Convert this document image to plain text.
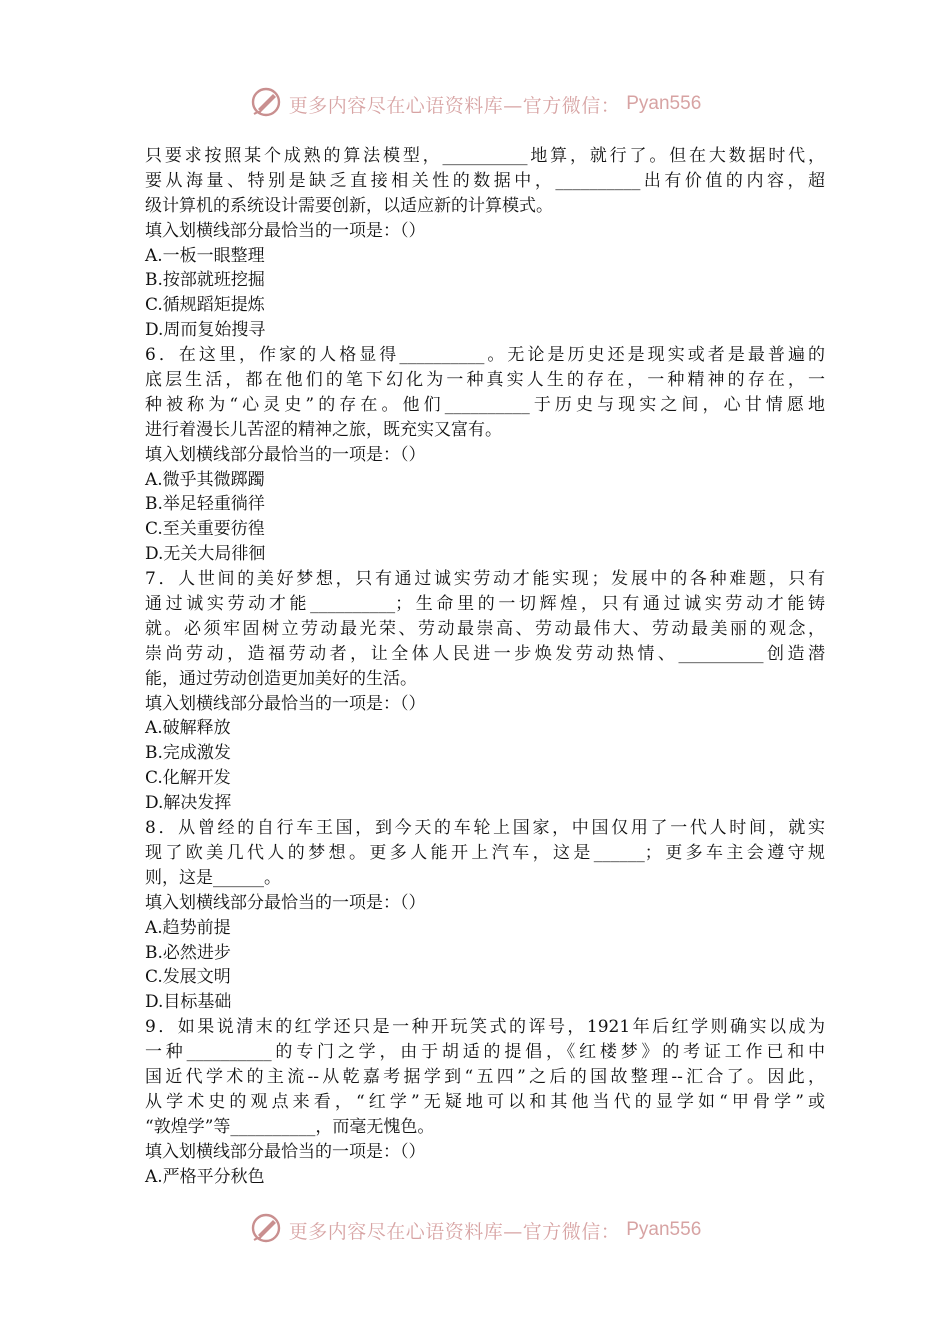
更多内容尽在心语资料库—官方微信： Pyan556
只要求按照某个成熟的算法模型，__________地算，就行了。但在大数据时代，
要从海量、特别是缺乏直接相关性的数据中，__________出有价值的内容，超
级计算机的系统设计需要创新，以适应新的计算模式。
填入划横线部分最恰当的一项是：（）
A.一板一眼整理
B.按部就班挖掘
C.循规蹈矩提炼
D.周而复始搜寻
6．在这里，作家的人格显得__________。无论是历史还是现实或者是最普遍的
底层生活，都在他们的笔下幻化为一种真实人生的存在，一种精神的存在，一
种被称为“心灵史”的存在。他们__________于历史与现实之间，心甘情愿地
进行着漫长儿苦涩的精神之旅，既充实又富有。
填入划横线部分最恰当的一项是：（）
A.微乎其微踯躅
B.举足轻重徜徉
C.至关重要彷徨
D.无关大局徘徊
7．人世间的美好梦想，只有通过诚实劳动才能实现；发展中的各种难题，只有
通过诚实劳动才能__________；生命里的一切辉煌，只有通过诚实劳动才能铸
就。必须牢固树立劳动最光荣、劳动最崇高、劳动最伟大、劳动最美丽的观念，
崇尚劳动，造福劳动者，让全体人民进一步焕发劳动热情、__________创造潜
能，通过劳动创造更加美好的生活。
填入划横线部分最恰当的一项是：（）
A.破解释放
B.完成激发
C.化解开发
D.解决发挥
8．从曾经的自行车王国，到今天的车轮上国家，中国仅用了一代人时间，就实
现了欧美几代人的梦想。更多人能开上汽车，这是______；更多车主会遵守规
则，这是______。
填入划横线部分最恰当的一项是：（）
A.趋势前提
B.必然进步
C.发展文明
D.目标基础
9．如果说清末的红学还只是一种开玩笑式的诨号，1921年后红学则确实以成为
一种__________的专门之学，由于胡适的提倡，《红楼梦》的考证工作已和中
国近代学术的主流--从乾嘉考据学到“五四”之后的国故整理--汇合了。因此，
从学术史的观点来看，“红学”无疑地可以和其他当代的显学如“甲骨学”或
“敦煌学”等__________，而毫无愧色。
填入划横线部分最恰当的一项是：（）
A.严格平分秋色
更多内容尽在心语资料库—官方微信： Pyan556
